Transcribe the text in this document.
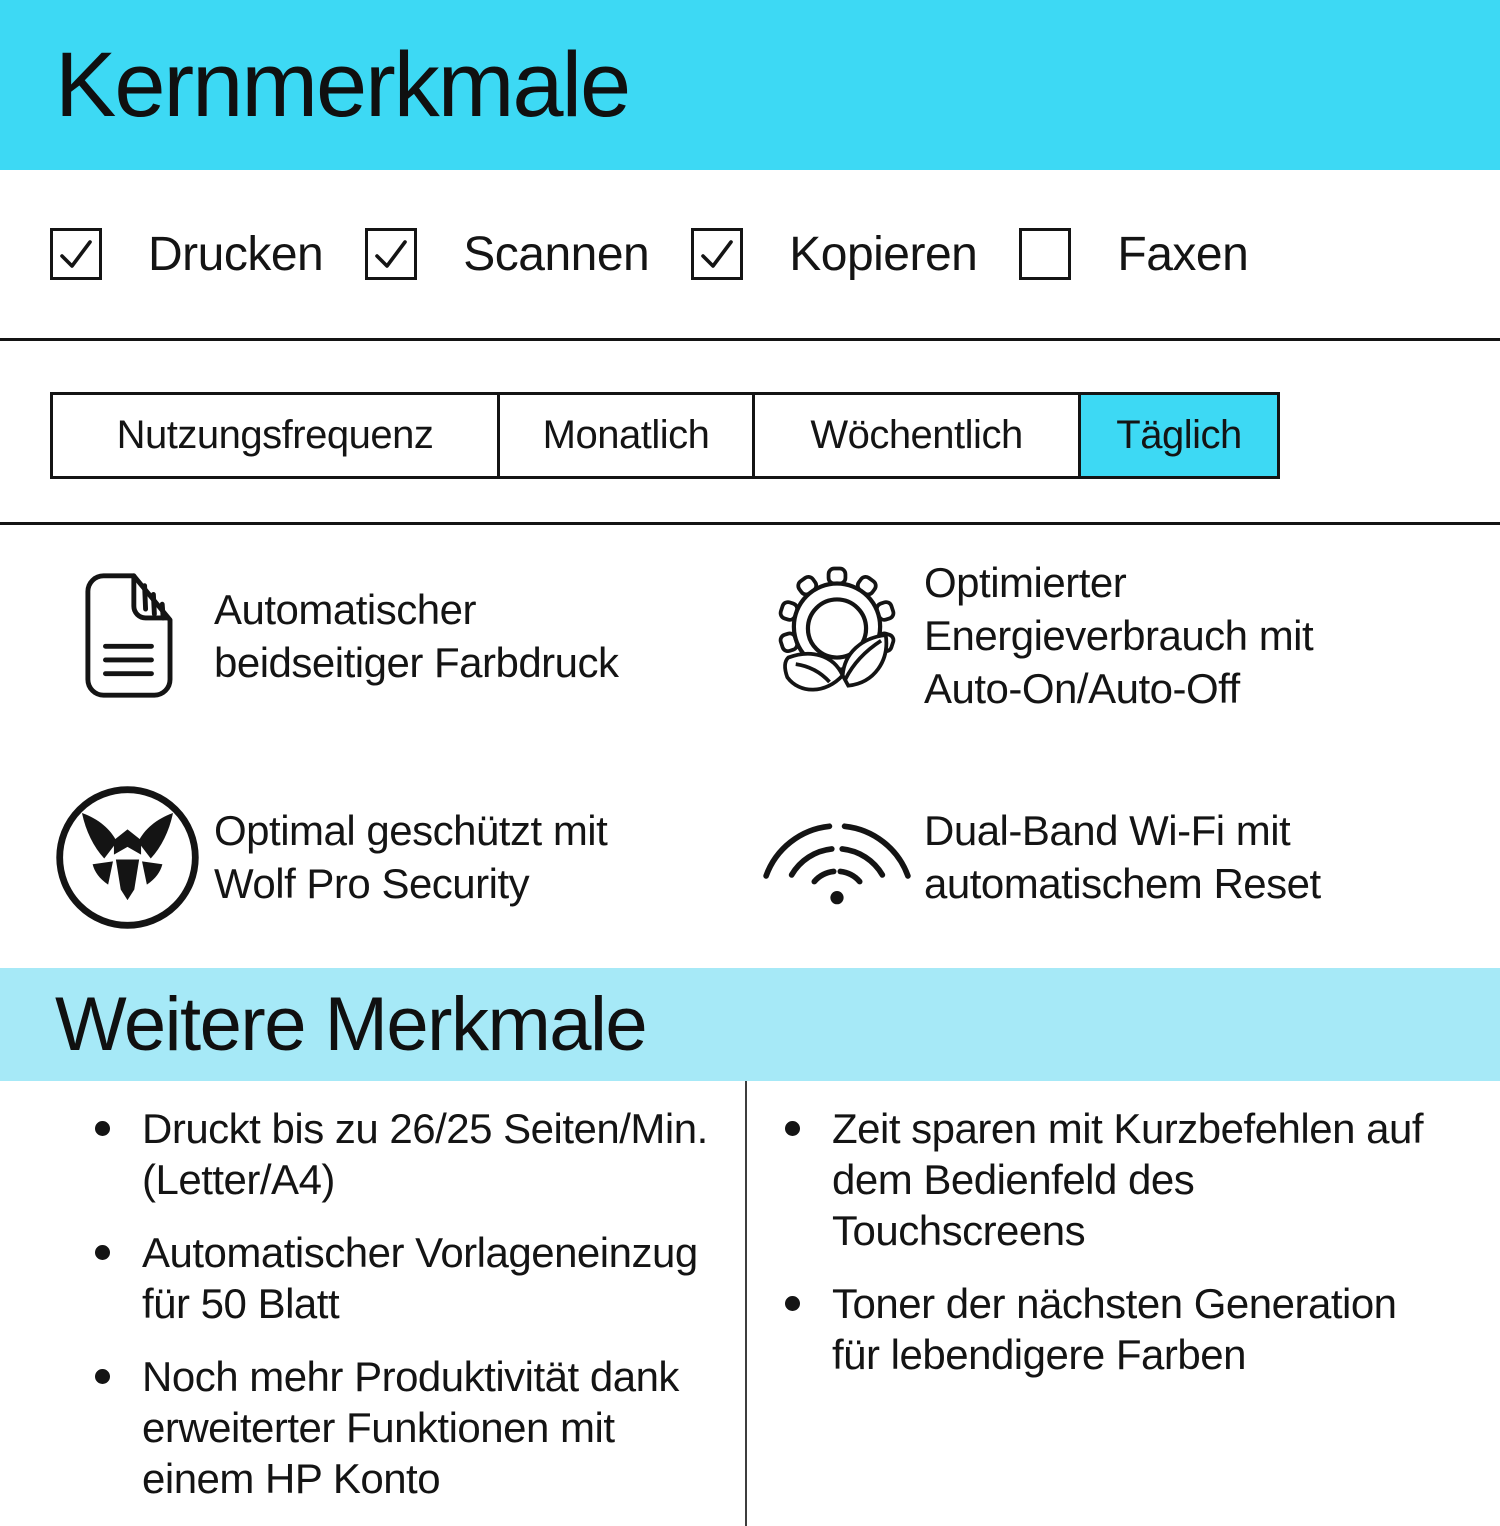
Kernmerkmale
Drucken	Scannen	Kopieren	Faxen
Nutzungsfrequenz	Monatlich	Wöchentlich	Täglich
Automatischer
beidseitiger Farbdruck
Optimierter
Energieverbrauch mit
Auto-On/Auto-Off
Optimal geschützt mit
Wolf Pro Security
Dual-Band Wi-Fi mit
automatischem Reset
Weitere Merkmale
Druckt bis zu 26/25 Seiten/Min.
(Letter/A4)
Automatischer Vorlageneinzug
für 50 Blatt
Noch mehr Produktivität dank
erweiterter Funktionen mit
einem HP Konto
Zeit sparen mit Kurzbefehlen auf
dem Bedienfeld des
Touchscreens
Toner der nächsten Generation
für lebendigere Farben
